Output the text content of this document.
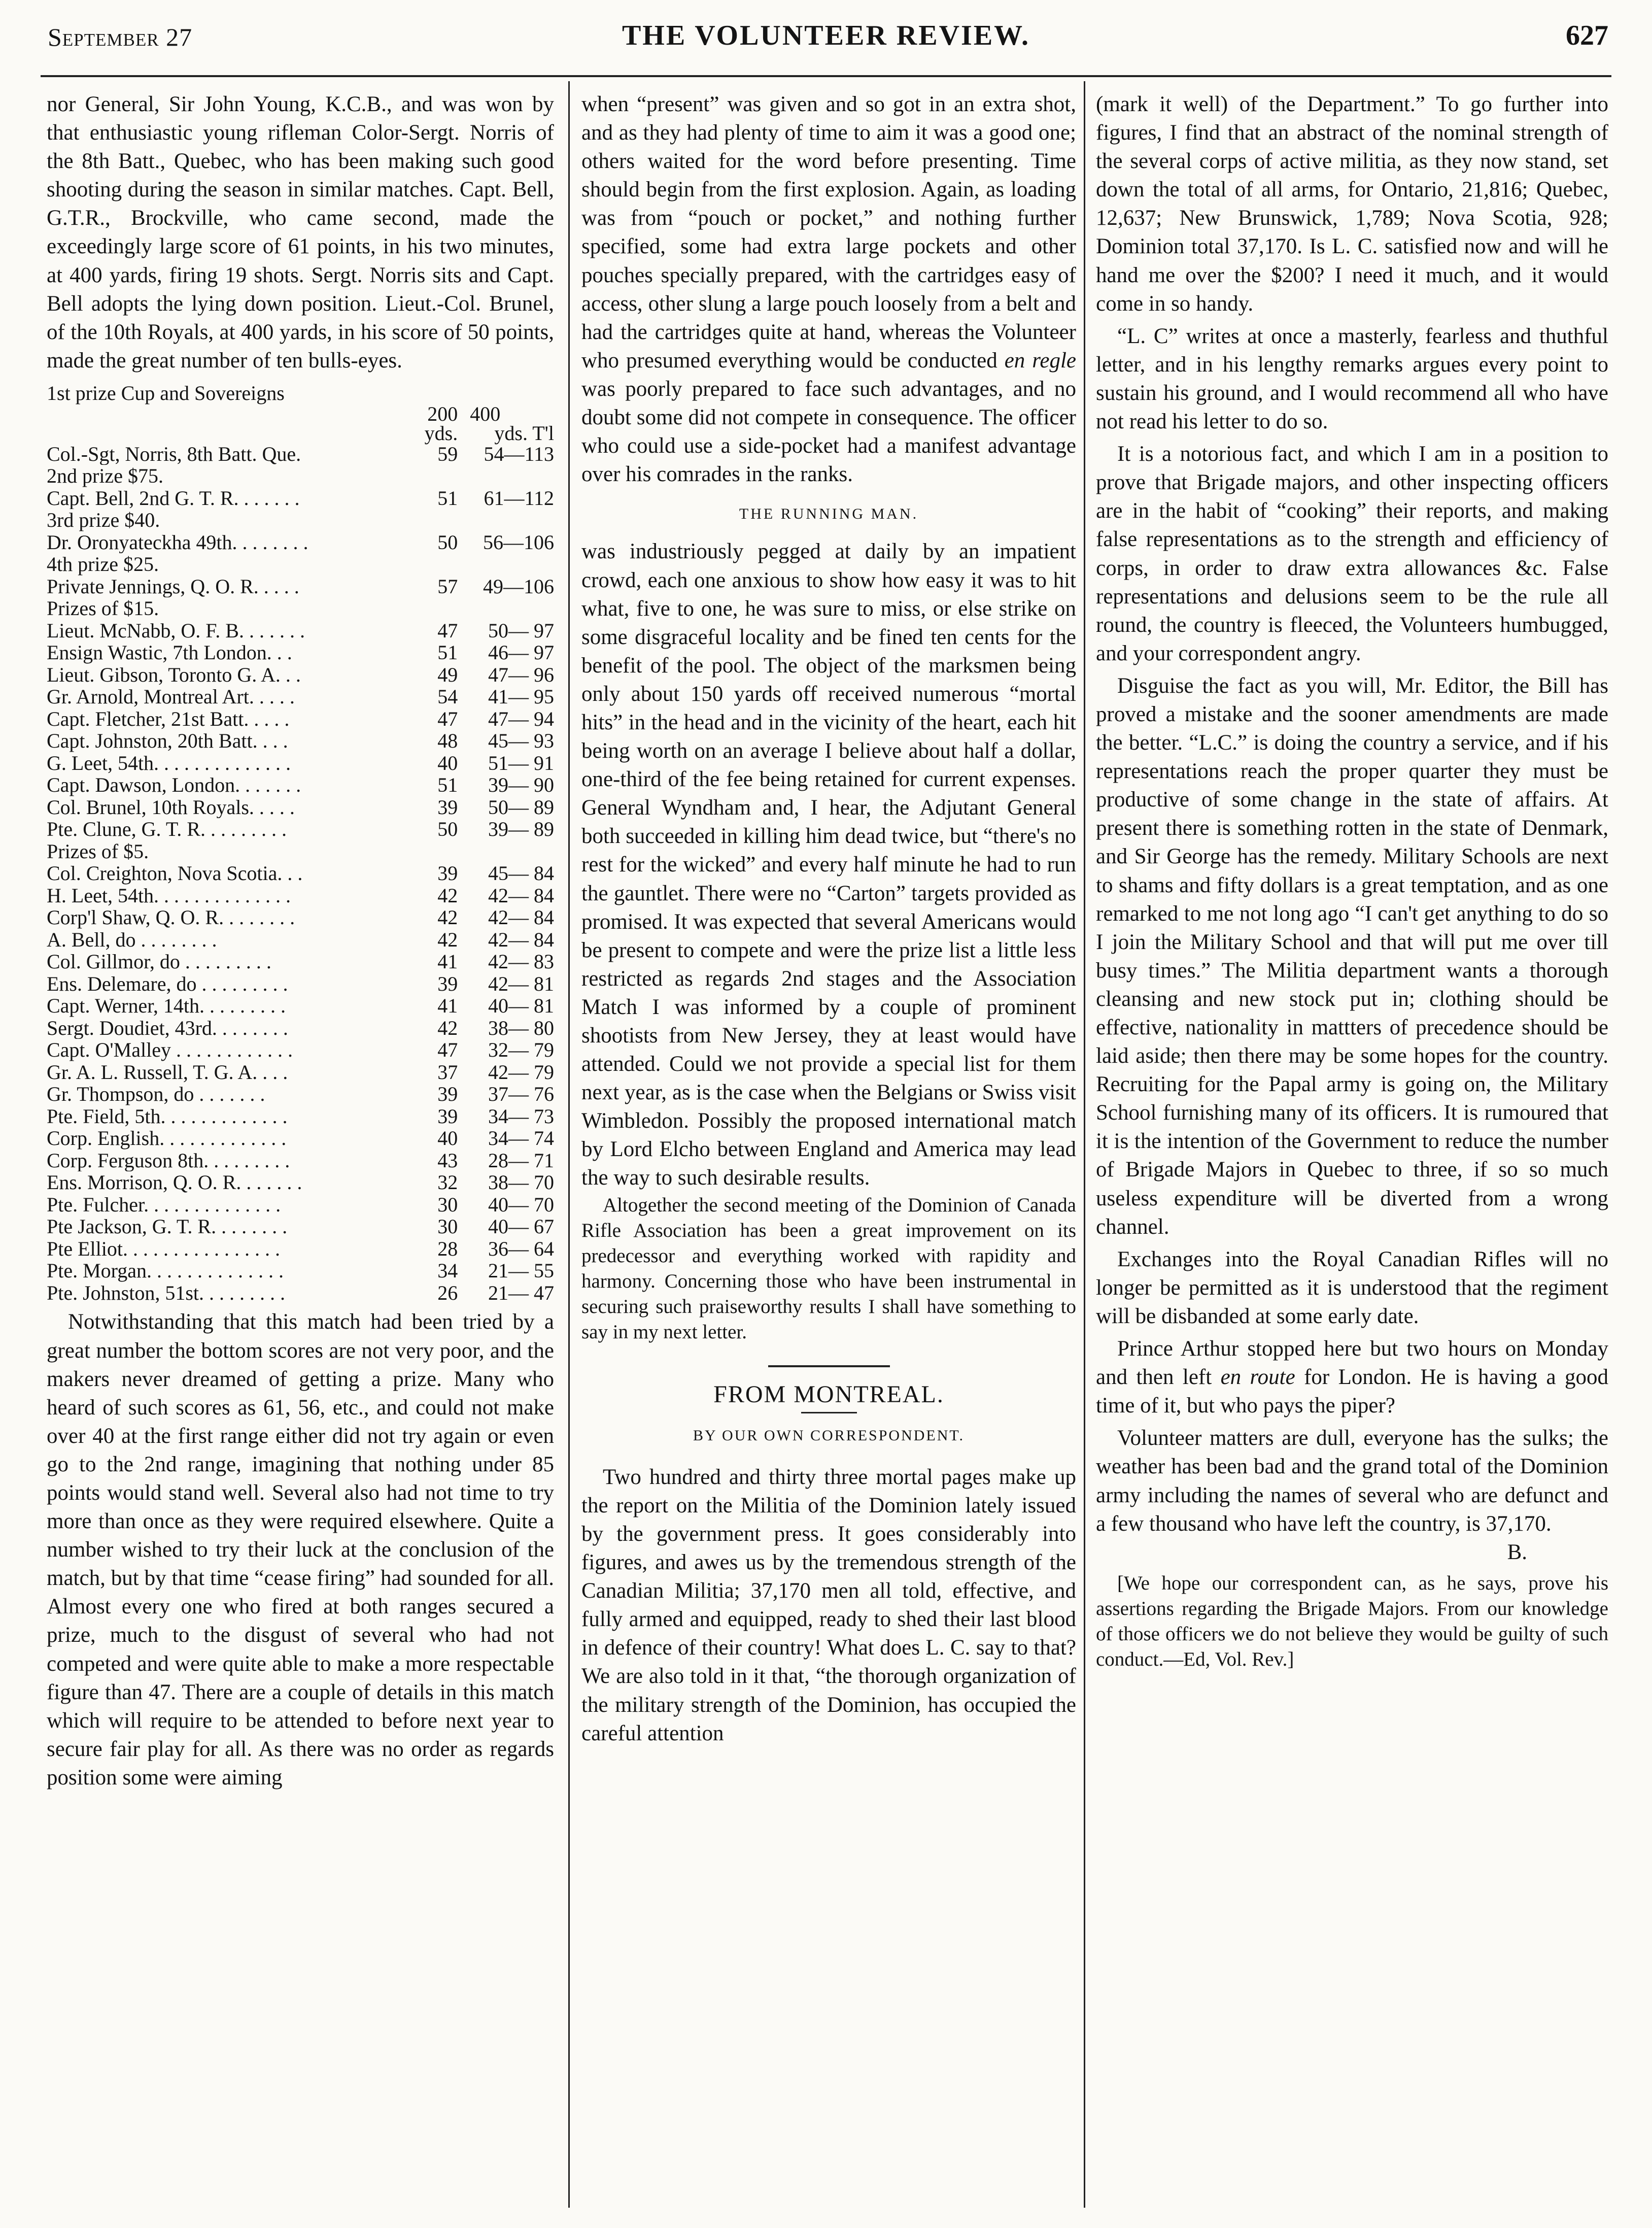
September 27	THE VOLUNTEER REVIEW.	627

nor General, Sir John Young, K.C.B., and was won by that enthusiastic young rifleman Color-Sergt. Norris of the 8th Batt., Quebec, who has been making such good shooting during the season in similar matches. Capt. Bell, G.T.R., Brockville, who came second, made the exceedingly large score of 61 points, in his two minutes, at 400 yards, firing 19 shots. Sergt. Norris sits and Capt. Bell adopts the lying down position. Lieut.-Col. Brunel, of the 10th Royals, at 400 yards, in his score of 50 points, made the great number of ten bulls-eyes.

1st prize Cup and Sovereigns
	200	400
	yds.	yds. T'l
Col.-Sgt, Norris, 8th Batt. Que.	59	54—113
2nd prize $75.		
Capt. Bell, 2nd G. T. R. . . . . . .	51	61—112
3rd prize $40.		
Dr. Oronyateckha 49th. . . . . . . .	50	56—106
4th prize $25.		
Private Jennings, Q. O. R. . . . .	57	49—106
Prizes of $15.		
Lieut. McNabb, O. F. B. . . . . . .	47	50— 97
Ensign Wastic, 7th London. . .	51	46— 97
Lieut. Gibson, Toronto G. A. . .	49	47— 96
Gr. Arnold, Montreal Art. . . . .	54	41— 95
Capt. Fletcher, 21st Batt. . . . .	47	47— 94
Capt. Johnston, 20th Batt. . . .	48	45— 93
G. Leet, 54th. . . . . . . . . . . . . .	40	51— 91
Capt. Dawson, London. . . . . . .	51	39— 90
Col. Brunel, 10th Royals. . . . .	39	50— 89
Pte. Clune, G. T. R. . . . . . . . .	50	39— 89
Prizes of $5.		
Col. Creighton, Nova Scotia. . .	39	45— 84
H. Leet, 54th. . . . . . . . . . . . . .	42	42— 84
Corp'l Shaw, Q. O. R. . . . . . . .	42	42— 84
A. Bell, do . . . . . . . .	42	42— 84
Col. Gillmor, do . . . . . . . . .	41	42— 83
Ens. Delemare, do . . . . . . . . .	39	42— 81
Capt. Werner, 14th. . . . . . . . .	41	40— 81
Sergt. Doudiet, 43rd. . . . . . . .	42	38— 80
Capt. O'Malley . . . . . . . . . . . .	47	32— 79
Gr. A. L. Russell, T. G. A. . . .	37	42— 79
Gr. Thompson, do . . . . . . .	39	37— 76
Pte. Field, 5th. . . . . . . . . . . . .	39	34— 73
Corp. English. . . . . . . . . . . . .	40	34— 74
Corp. Ferguson 8th. . . . . . . . .	43	28— 71
Ens. Morrison, Q. O. R. . . . . . .	32	38— 70
Pte. Fulcher. . . . . . . . . . . . . .	30	40— 70
Pte Jackson, G. T. R. . . . . . . .	30	40— 67
Pte Elliot. . . . . . . . . . . . . . . .	28	36— 64
Pte. Morgan. . . . . . . . . . . . . .	34	21— 55
Pte. Johnston, 51st. . . . . . . . .	26	21— 47

Notwithstanding that this match had been tried by a great number the bottom scores are not very poor, and the makers never dreamed of getting a prize. Many who heard of such scores as 61, 56, etc., and could not make over 40 at the first range either did not try again or even go to the 2nd range, imagining that nothing under 85 points would stand well. Several also had not time to try more than once as they were required elsewhere. Quite a number wished to try their luck at the conclusion of the match, but by that time “cease firing” had sounded for all. Almost every one who fired at both ranges secured a prize, much to the disgust of several who had not competed and were quite able to make a more respectable figure than 47. There are a couple of details in this match which will require to be attended to before next year to secure fair play for all. As there was no order as regards position some were aiming

when “present” was given and so got in an extra shot, and as they had plenty of time to aim it was a good one; others waited for the word before presenting. Time should begin from the first explosion. Again, as loading was from “pouch or pocket,” and nothing further specified, some had extra large pockets and other pouches specially prepared, with the cartridges easy of access, other slung a large pouch loosely from a belt and had the cartridges quite at hand, whereas the Volunteer who presumed everything would be conducted en regle was poorly prepared to face such advantages, and no doubt some did not compete in consequence. The officer who could use a side-pocket had a manifest advantage over his comrades in the ranks.

THE RUNNING MAN.

was industriously pegged at daily by an impatient crowd, each one anxious to show how easy it was to hit what, five to one, he was sure to miss, or else strike on some disgraceful locality and be fined ten cents for the benefit of the pool. The object of the marksmen being only about 150 yards off received numerous “mortal hits” in the head and in the vicinity of the heart, each hit being worth on an average I believe about half a dollar, one-third of the fee being retained for current expenses. General Wyndham and, I hear, the Adjutant General both succeeded in killing him dead twice, but “there's no rest for the wicked” and every half minute he had to run the gauntlet. There were no “Carton” targets provided as promised. It was expected that several Americans would be present to compete and were the prize list a little less restricted as regards 2nd stages and the Association Match I was informed by a couple of prominent shootists from New Jersey, they at least would have attended. Could we not provide a special list for them next year, as is the case when the Belgians or Swiss visit Wimbledon. Possibly the proposed international match by Lord Elcho between England and America may lead the way to such desirable results.

Altogether the second meeting of the Dominion of Canada Rifle Association has been a great improvement on its predecessor and everything worked with rapidity and harmony. Concerning those who have been instrumental in securing such praiseworthy results I shall have something to say in my next letter.

FROM MONTREAL.
BY OUR OWN CORRESPONDENT.

Two hundred and thirty three mortal pages make up the report on the Militia of the Dominion lately issued by the government press. It goes considerably into figures, and awes us by the tremendous strength of the Canadian Militia; 37,170 men all told, effective, and fully armed and equipped, ready to shed their last blood in defence of their country! What does L. C. say to that? We are also told in it that, “the thorough organization of the military strength of the Dominion, has occupied the careful attention

(mark it well) of the Department.” To go further into figures, I find that an abstract of the nominal strength of the several corps of active militia, as they now stand, set down the total of all arms, for Ontario, 21,816; Quebec, 12,637; New Brunswick, 1,789; Nova Scotia, 928; Dominion total 37,170. Is L. C. satisfied now and will he hand me over the $200? I need it much, and it would come in so handy.

“L. C” writes at once a masterly, fearless and thuthful letter, and in his lengthy remarks argues every point to sustain his ground, and I would recommend all who have not read his letter to do so.

It is a notorious fact, and which I am in a position to prove that Brigade majors, and other inspecting officers are in the habit of “cooking” their reports, and making false representations as to the strength and efficiency of corps, in order to draw extra allowances &c. False representations and delusions seem to be the rule all round, the country is fleeced, the Volunteers humbugged, and your correspondent angry.

Disguise the fact as you will, Mr. Editor, the Bill has proved a mistake and the sooner amendments are made the better. “L.C.” is doing the country a service, and if his representations reach the proper quarter they must be productive of some change in the state of affairs. At present there is something rotten in the state of Denmark, and Sir George has the remedy. Military Schools are next to shams and fifty dollars is a great temptation, and as one remarked to me not long ago “I can't get anything to do so I join the Military School and that will put me over till busy times.” The Militia department wants a thorough cleansing and new stock put in; clothing should be effective, nationality in mattters of precedence should be laid aside; then there may be some hopes for the country. Recruiting for the Papal army is going on, the Military School furnishing many of its officers. It is rumoured that it is the intention of the Government to reduce the number of Brigade Majors in Quebec to three, if so so much useless expenditure will be diverted from a wrong channel.

Exchanges into the Royal Canadian Rifles will no longer be permitted as it is understood that the regiment will be disbanded at some early date.

Prince Arthur stopped here but two hours on Monday and then left en route for London. He is having a good time of it, but who pays the piper?

Volunteer matters are dull, everyone has the sulks; the weather has been bad and the grand total of the Dominion army including the names of several who are defunct and a few thousand who have left the country, is 37,170.

B.

[We hope our correspondent can, as he says, prove his assertions regarding the Brigade Majors. From our knowledge of those officers we do not believe they would be guilty of such conduct.—Ed, Vol. Rev.]
